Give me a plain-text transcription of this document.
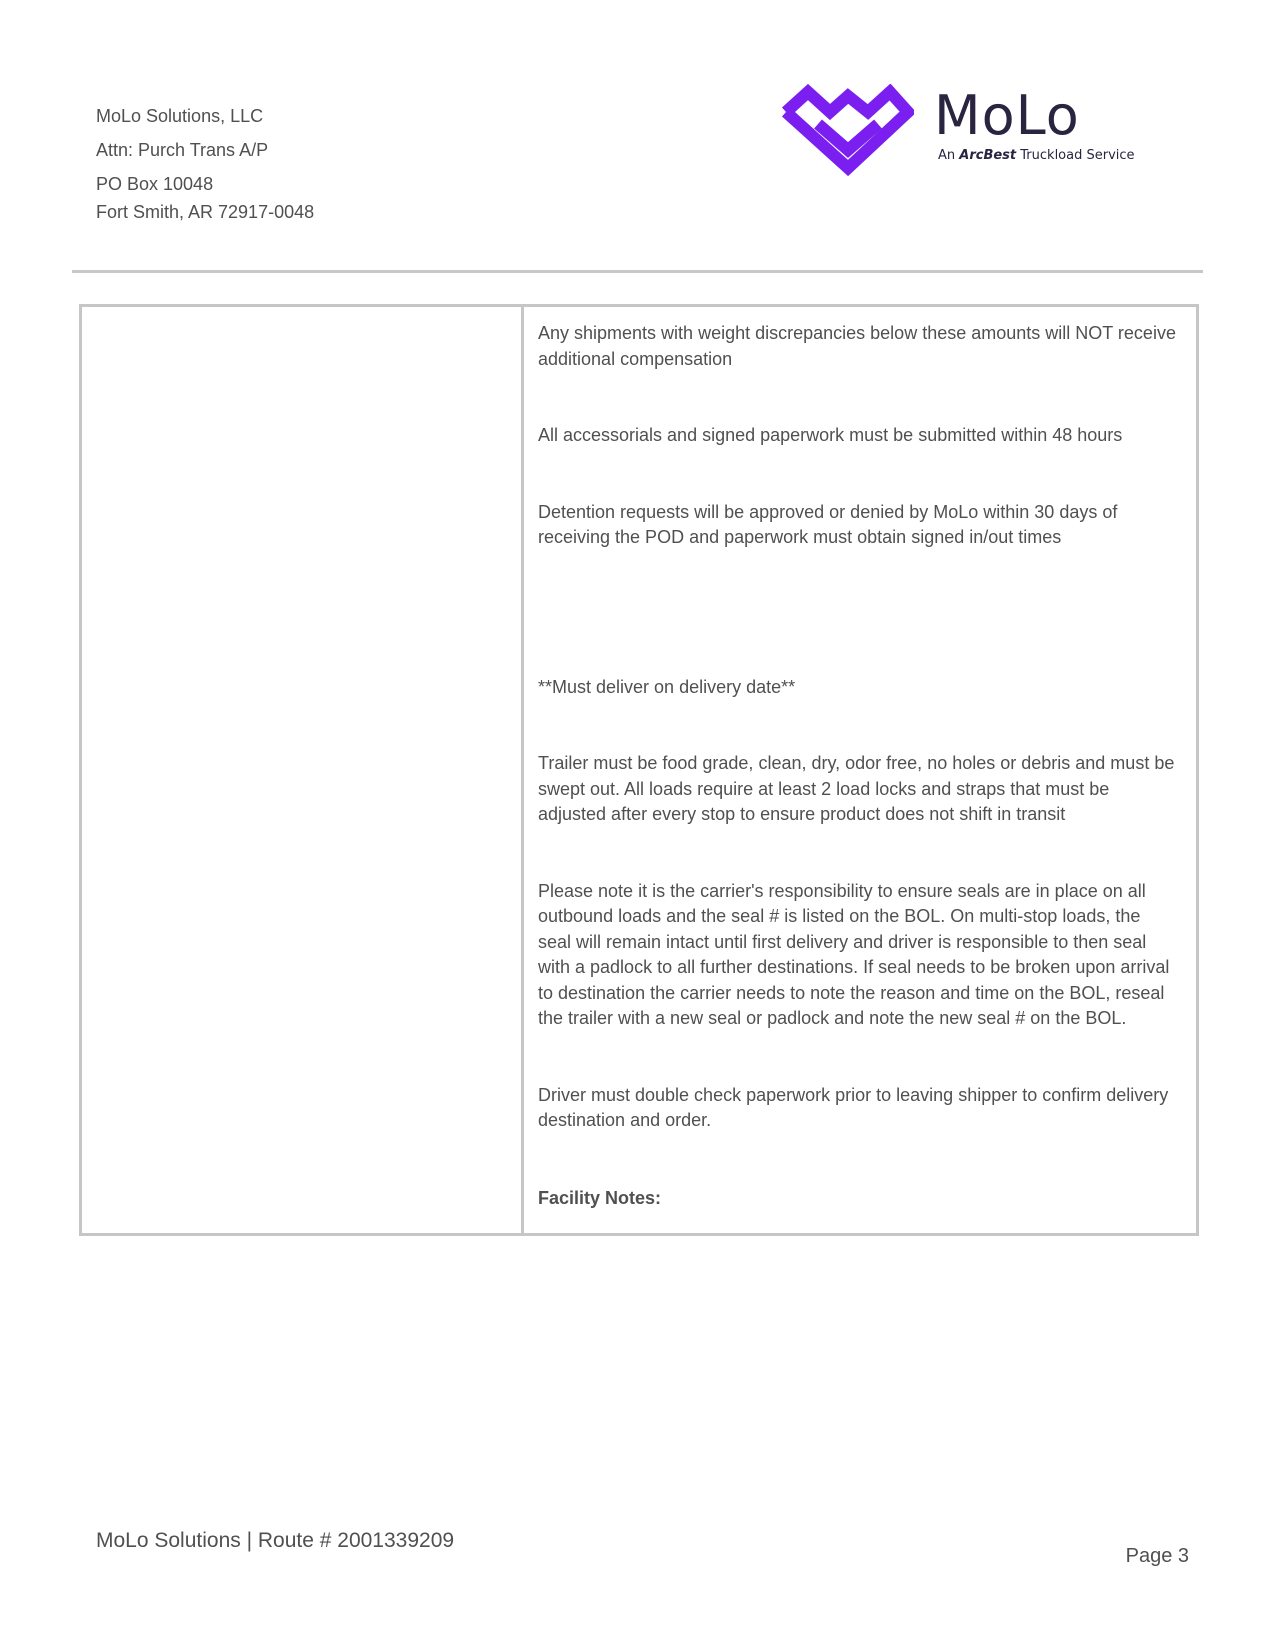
MoLo Solutions, LLC
Attn: Purch Trans A/P
PO Box 10048
Fort Smith, AR 72917-0048
MoLo
An ArcBest Truckload Service

Any shipments with weight discrepancies below these amounts will NOT receive additional compensation

All accessorials and signed paperwork must be submitted within 48 hours

Detention requests will be approved or denied by MoLo within 30 days of receiving the POD and paperwork must obtain signed in/out times

**Must deliver on delivery date**

Trailer must be food grade, clean, dry, odor free, no holes or debris and must be swept out. All loads require at least 2 load locks and straps that must be adjusted after every stop to ensure product does not shift in transit

Please note it is the carrier's responsibility to ensure seals are in place on all outbound loads and the seal # is listed on the BOL. On multi-stop loads, the seal will remain intact until first delivery and driver is responsible to then seal with a padlock to all further destinations. If seal needs to be broken upon arrival to destination the carrier needs to note the reason and time on the BOL, reseal the trailer with a new seal or padlock and note the new seal # on the BOL.

Driver must double check paperwork prior to leaving shipper to confirm delivery destination and order.

Facility Notes:

MoLo Solutions | Route # 2001339209
Page 3
